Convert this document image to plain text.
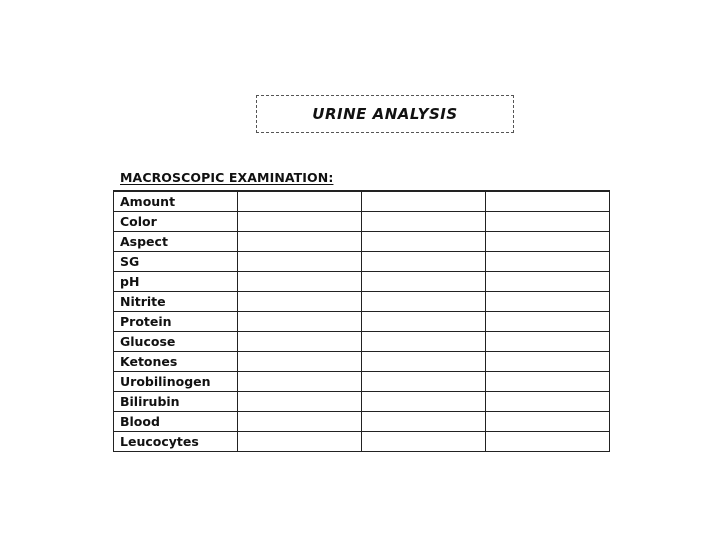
URINE ANALYSIS
MACROSCOPIC EXAMINATION:
Amount			
Color			
Aspect			
SG			
pH			
Nitrite			
Protein			
Glucose			
Ketones			
Urobilinogen			
Bilirubin			
Blood			
Leucocytes			
